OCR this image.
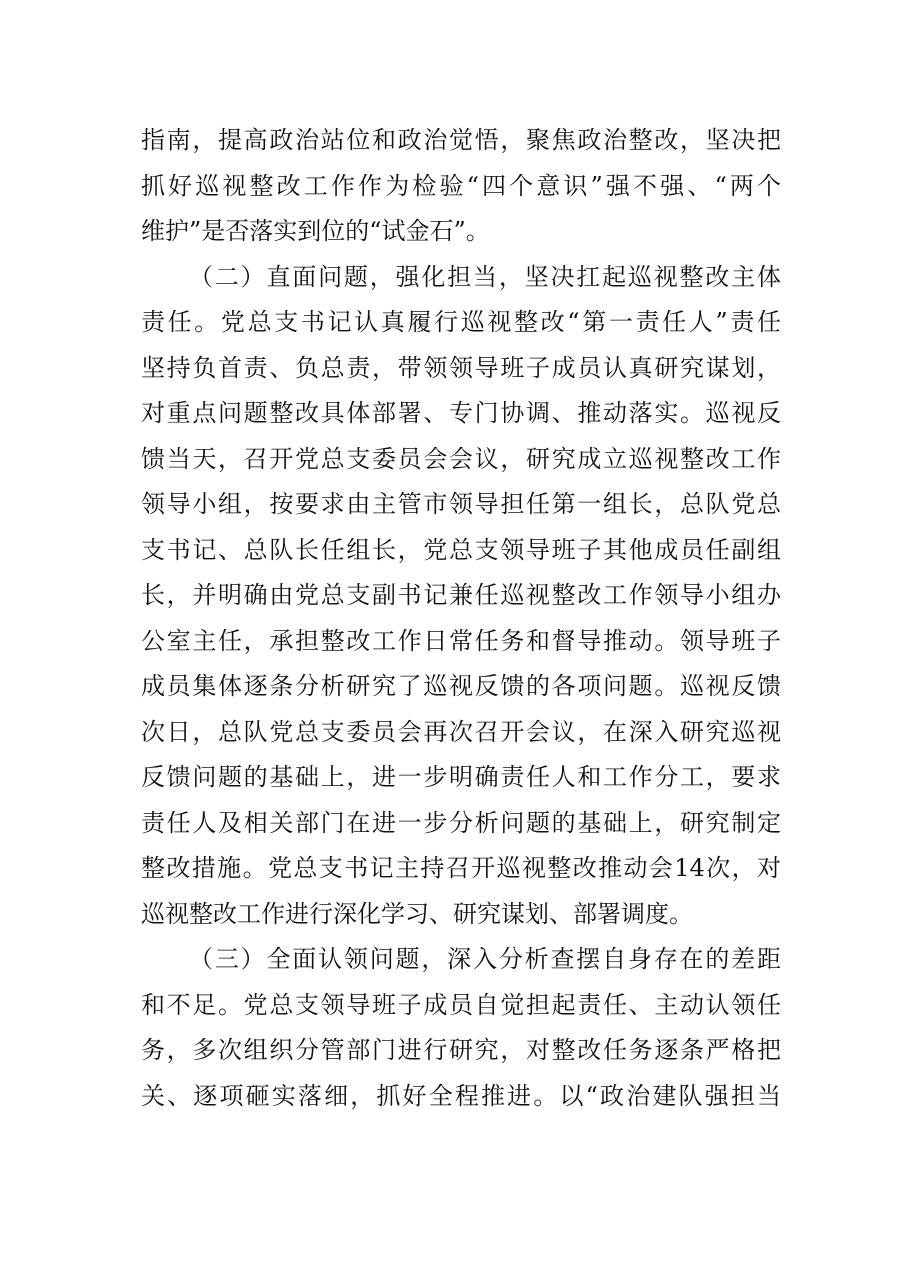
指南，提高政治站位和政治觉悟，聚焦政治整改，坚决把
抓好巡视整改工作作为检验“四个意识”强不强、“两个
维护”是否落实到位的“试金石”。
（二）直面问题，强化担当，坚决扛起巡视整改主体
责任。党总支书记认真履行巡视整改“第一责任人”责任
坚持负首责、负总责，带领领导班子成员认真研究谋划，
对重点问题整改具体部署、专门协调、推动落实。巡视反
馈当天，召开党总支委员会会议，研究成立巡视整改工作
领导小组，按要求由主管市领导担任第一组长，总队党总
支书记、总队长任组长，党总支领导班子其他成员任副组
长，并明确由党总支副书记兼任巡视整改工作领导小组办
公室主任，承担整改工作日常任务和督导推动。领导班子
成员集体逐条分析研究了巡视反馈的各项问题。巡视反馈
次日，总队党总支委员会再次召开会议，在深入研究巡视
反馈问题的基础上，进一步明确责任人和工作分工，要求
责任人及相关部门在进一步分析问题的基础上，研究制定
整改措施。党总支书记主持召开巡视整改推动会14次，对
巡视整改工作进行深化学习、研究谋划、部署调度。
（三）全面认领问题，深入分析查摆自身存在的差距
和不足。党总支领导班子成员自觉担起责任、主动认领任
务，多次组织分管部门进行研究，对整改任务逐条严格把
关、逐项砸实落细，抓好全程推进。以“政治建队强担当
